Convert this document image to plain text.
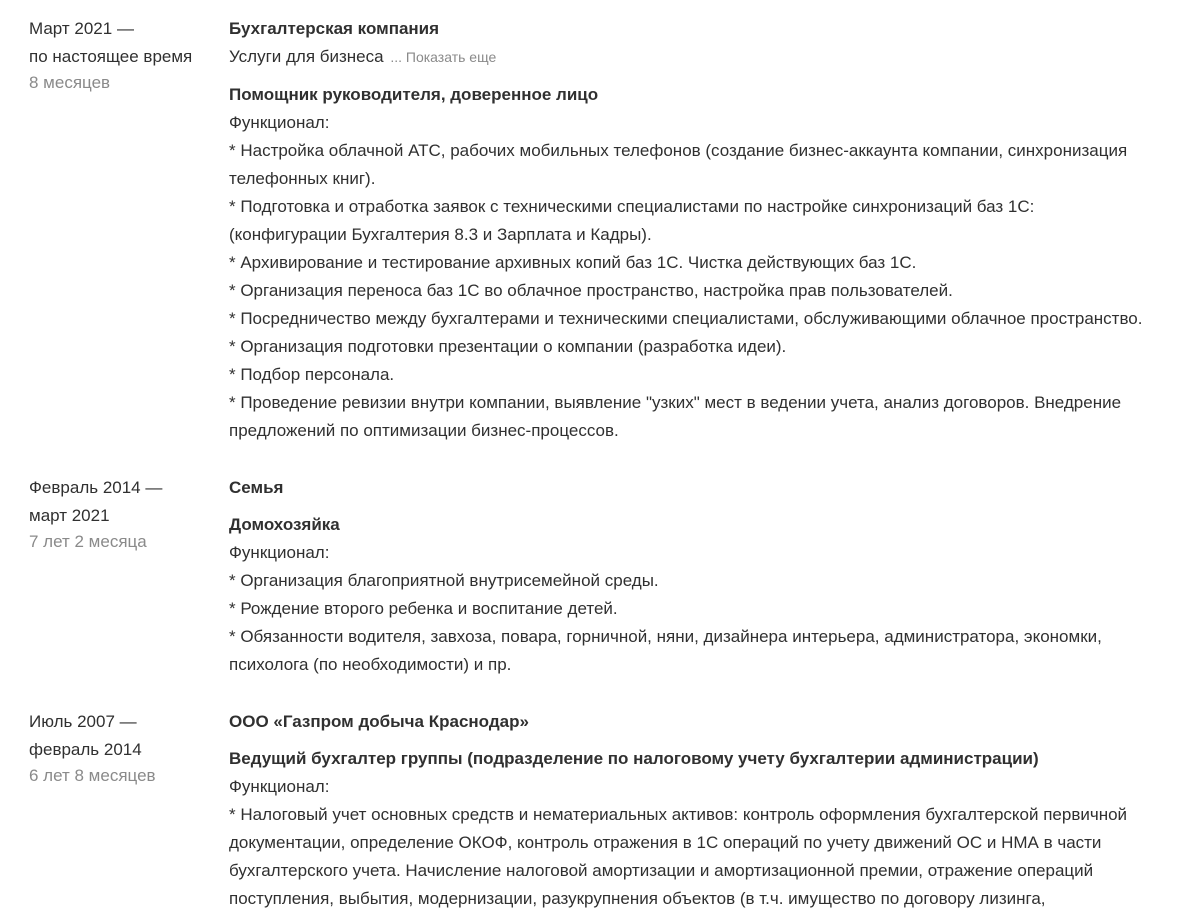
Март 2021 —
по настоящее время
8 месяцев
Бухгалтерская компания
Услуги для бизнеса ... Показать еще
Помощник руководителя, доверенное лицо
Функционал:
* Настройка облачной АТС, рабочих мобильных телефонов (создание бизнес-аккаунта компании, синхронизация
телефонных книг).
* Подготовка и отработка заявок с техническими специалистами по настройке синхронизаций баз 1С:
(конфигурации Бухгалтерия 8.3 и Зарплата и Кадры).
* Архивирование и тестирование архивных копий баз 1С. Чистка действующих баз 1С.
* Организация переноса баз 1С во облачное пространство, настройка прав пользователей.
* Посредничество между бухгалтерами и техническими специалистами, обслуживающими облачное пространство.
* Организация подготовки презентации о компании (разработка идеи).
* Подбор персонала.
* Проведение ревизии внутри компании, выявление "узких" мест в ведении учета, анализ договоров. Внедрение
предложений по оптимизации бизнес-процессов.
Февраль 2014 —
март 2021
7 лет 2 месяца
Семья
Домохозяйка
Функционал:
* Организация благоприятной внутрисемейной среды.
* Рождение второго ребенка и воспитание детей.
* Обязанности водителя, завхоза, повара, горничной, няни, дизайнера интерьера, администратора, экономки,
психолога (по необходимости) и пр.
Июль 2007 —
февраль 2014
6 лет 8 месяцев
ООО «Газпром добыча Краснодар»
Ведущий бухгалтер группы (подразделение по налоговому учету бухгалтерии администрации)
Функционал:
* Налоговый учет основных средств и нематериальных активов: контроль оформления бухгалтерской первичной
документации, определение ОКОФ, контроль отражения в 1С операций по учету движений ОС и НМА в части
бухгалтерского учета. Начисление налоговой амортизации и амортизационной премии, отражение операций
поступления, выбытия, модернизации, разукрупнения объектов (в т.ч. имущество по договору лизинга,
